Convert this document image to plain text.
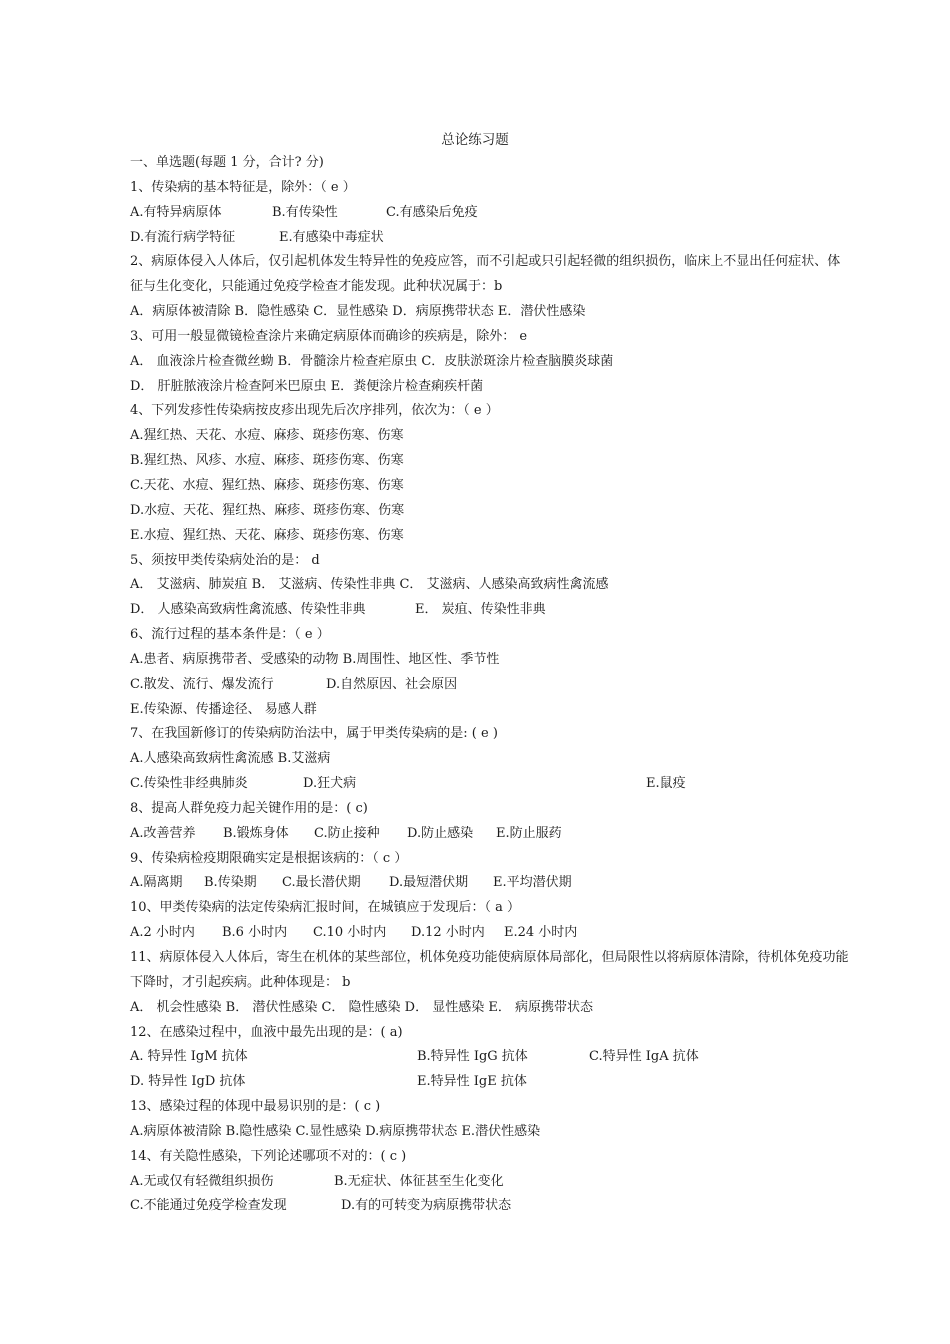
总论练习题
一、单选题(每题 1 分，合计? 分)
1、传染病的基本特征是，除外：（ e ）
A.有特异病原体	B.有传染性	C.有感染后免疫
D.有流行病学特征	E.有感染中毒症状
2、病原体侵入人体后，仅引起机体发生特异性的免疫应答，而不引起或只引起轻微的组织损伤，临床上不显出任何症状、体征与生化变化，只能通过免疫学检查才能发现。此种状况属于：b
A．病原体被清除 B．隐性感染 C．显性感染 D．病原携带状态 E．潜伏性感染
3、可用一般显微镜检查涂片来确定病原体而确诊的疾病是，除外： e
A． 血液涂片检查微丝蚴 B．骨髓涂片检查疟原虫 C．皮肤淤斑涂片检查脑膜炎球菌
D． 肝脏脓液涂片检查阿米巴原虫 E．粪便涂片检查痢疾杆菌
4、下列发疹性传染病按皮疹出现先后次序排列，依次为：（ e ）
A.猩红热、天花、水痘、麻疹、斑疹伤寒、伤寒
B.猩红热、风疹、水痘、麻疹、斑疹伤寒、伤寒
C.天花、水痘、猩红热、麻疹、斑疹伤寒、伤寒
D.水痘、天花、猩红热、麻疹、斑疹伤寒、伤寒
E.水痘、猩红热、天花、麻疹、斑疹伤寒、伤寒
5、须按甲类传染病处治的是： d
A． 艾滋病、肺炭疽 B． 艾滋病、传染性非典 C． 艾滋病、人感染高致病性禽流感
D． 人感染高致病性禽流感、传染性非典	E． 炭疽、传染性非典
6、流行过程的基本条件是：（ e ）
A.患者、病原携带者、受感染的动物 B.周围性、地区性、季节性
C.散发、流行、爆发流行	D.自然原因、社会原因
E.传染源、传播途径、 易感人群
7、在我国新修订的传染病防治法中，属于甲类传染病的是: ( e )
A.人感染高致病性禽流感 B.艾滋病
C.传染性非经典肺炎	D.狂犬病	E.鼠疫
8、提高人群免疫力起关键作用的是：( c)
A.改善营养 B.锻炼身体 C.防止接种 D.防止感染 E.防止服药
9、传染病检疫期限确实定是根据该病的：（ c ）
A.隔离期 B.传染期 C.最长潜伏期 D.最短潜伏期 E.平均潜伏期
10、甲类传染病的法定传染病汇报时间，在城镇应于发现后：（ a ）
A.2 小时内 B.6 小时内 C.10 小时内 D.12 小时内 E.24 小时内
11、病原体侵入人体后，寄生在机体的某些部位，机体免疫功能使病原体局部化，但局限性以将病原体清除，待机体免疫功能下降时，才引起疾病。此种体现是： b
A． 机会性感染 B． 潜伏性感染 C． 隐性感染 D． 显性感染 E． 病原携带状态
12、在感染过程中，血液中最先出现的是：( a)
A. 特异性 IgM 抗体	B.特异性 IgG 抗体	C.特异性 IgA 抗体
D. 特异性 IgD 抗体	E.特异性 IgE 抗体
13、感染过程的体现中最易识别的是：( c )
A.病原体被清除 B.隐性感染 C.显性感染 D.病原携带状态 E.潜伏性感染
14、有关隐性感染，下列论述哪项不对的：( c )
A.无或仅有轻微组织损伤	B.无症状、体征甚至生化变化
C.不能通过免疫学检查发现	D.有的可转变为病原携带状态
